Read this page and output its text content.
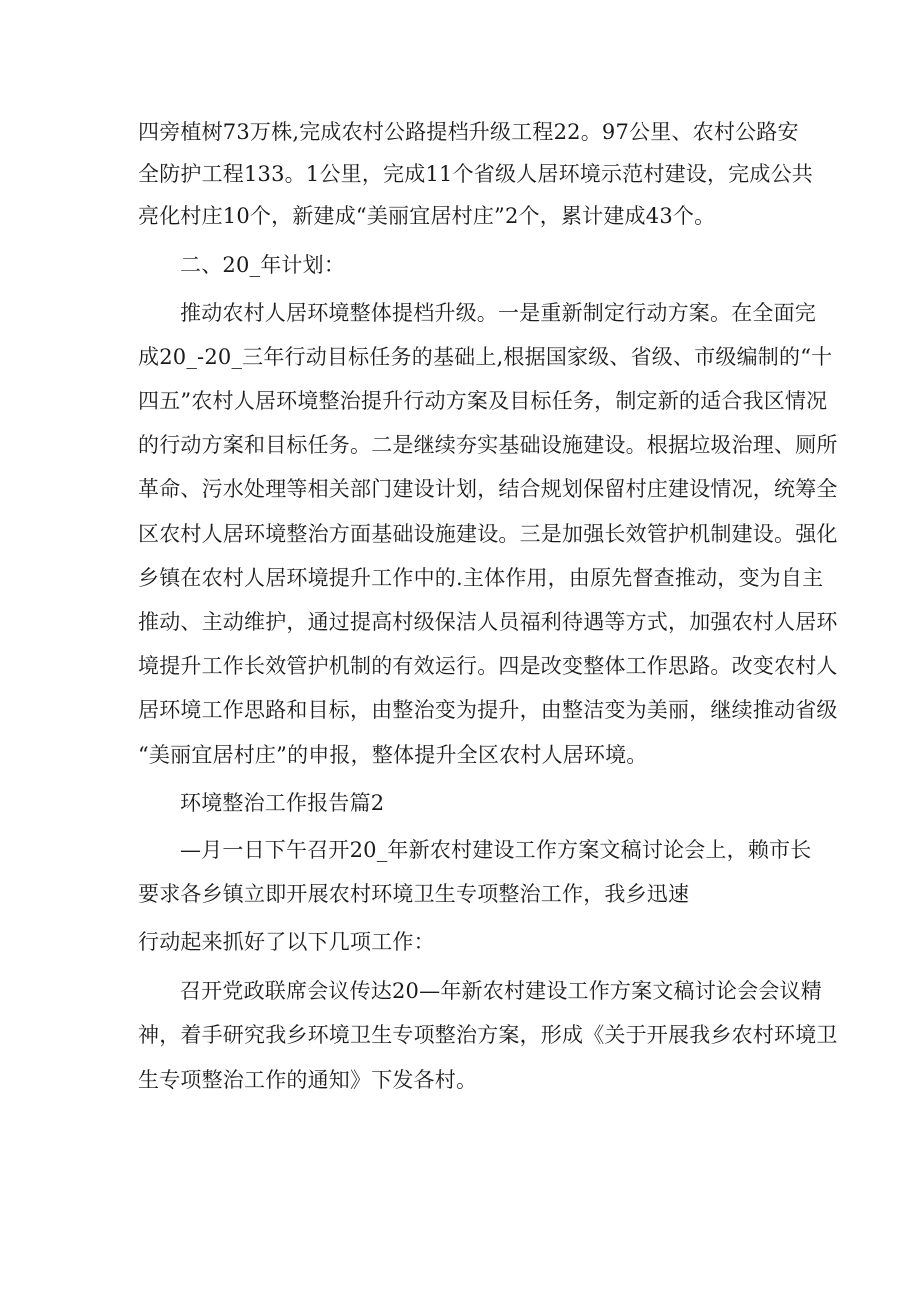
四旁植树73万株,完成农村公路提档升级工程22。97公里、农村公路安
全防护工程133。1公里，完成11个省级人居环境示范村建设，完成公共
亮化村庄10个，新建成“美丽宜居村庄”2个，累计建成43个。
二、20_年计划：
推动农村人居环境整体提档升级。一是重新制定行动方案。在全面完
成20_-20_三年行动目标任务的基础上,根据国家级、省级、市级编制的“十
四五”农村人居环境整治提升行动方案及目标任务，制定新的适合我区情况
的行动方案和目标任务。二是继续夯实基础设施建设。根据垃圾治理、厕所
革命、污水处理等相关部门建设计划，结合规划保留村庄建设情况，统筹全
区农村人居环境整治方面基础设施建设。三是加强长效管护机制建设。强化
乡镇在农村人居环境提升工作中的.主体作用，由原先督查推动，变为自主
推动、主动维护，通过提高村级保洁人员福利待遇等方式，加强农村人居环
境提升工作长效管护机制的有效运行。四是改变整体工作思路。改变农村人
居环境工作思路和目标，由整治变为提升，由整洁变为美丽，继续推动省级
“美丽宜居村庄”的申报，整体提升全区农村人居环境。
环境整治工作报告篇2
—月一日下午召开20_年新农村建设工作方案文稿讨论会上，赖市长
要求各乡镇立即开展农村环境卫生专项整治工作，我乡迅速
行动起来抓好了以下几项工作：
召开党政联席会议传达20—年新农村建设工作方案文稿讨论会会议精
神，着手研究我乡环境卫生专项整治方案，形成《关于开展我乡农村环境卫
生专项整治工作的通知》下发各村。
